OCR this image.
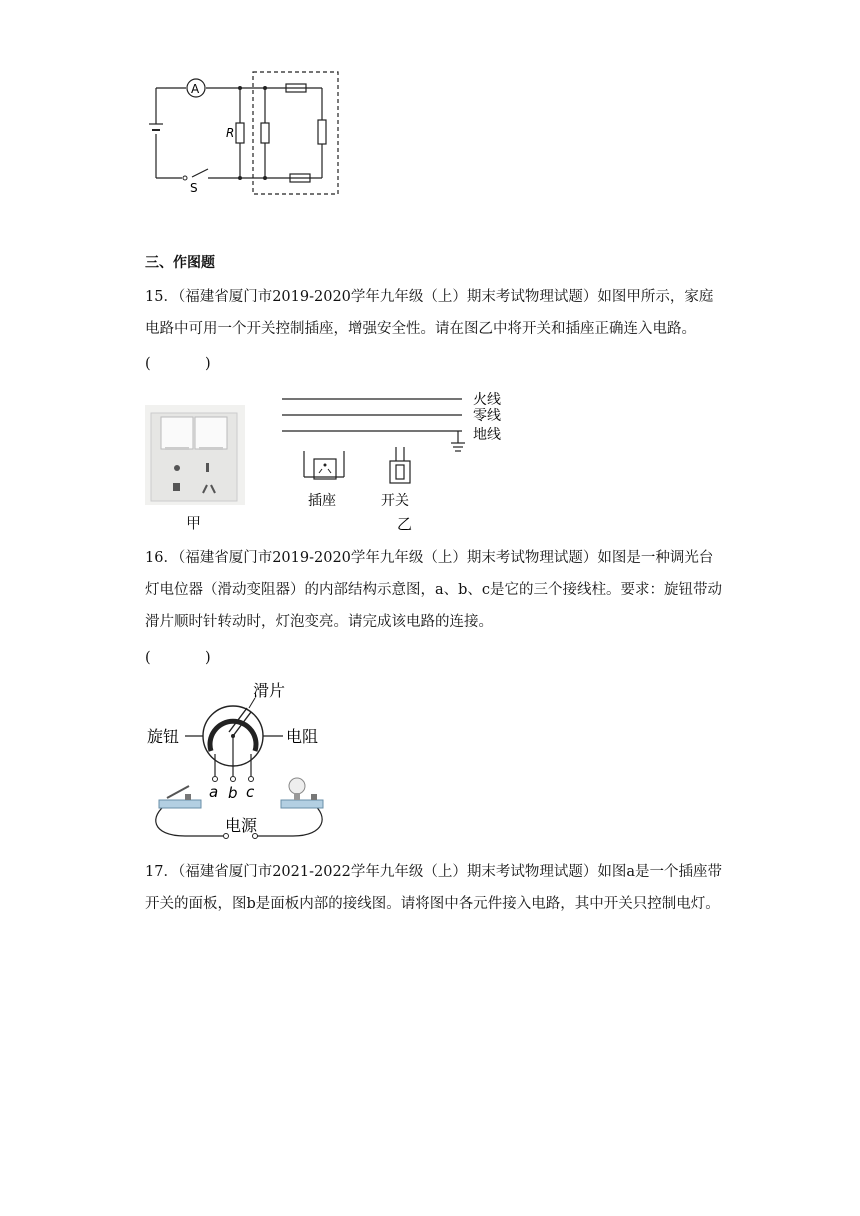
A
R
S
三、作图题
15．（福建省厦门市2019-2020学年九年级（上）期末考试物理试题）如图甲所示，家庭电路中可用一个开关控制插座，增强安全性。请在图乙中将开关和插座正确连入电路。
(	)
甲
火线
零线
地线
插座	开关
乙
16．（福建省厦门市2019-2020学年九年级（上）期末考试物理试题）如图是一种调光台灯电位器（滑动变阻器）的内部结构示意图，a、b、c是它的三个接线柱。要求：旋钮带动滑片顺时针转动时，灯泡变亮。请完成该电路的连接。
(	)
滑片
旋钮	电阻
a b c
电源
17．（福建省厦门市2021-2022学年九年级（上）期末考试物理试题）如图a是一个插座带开关的面板，图b是面板内部的接线图。请将图中各元件接入电路，其中开关只控制电灯。
